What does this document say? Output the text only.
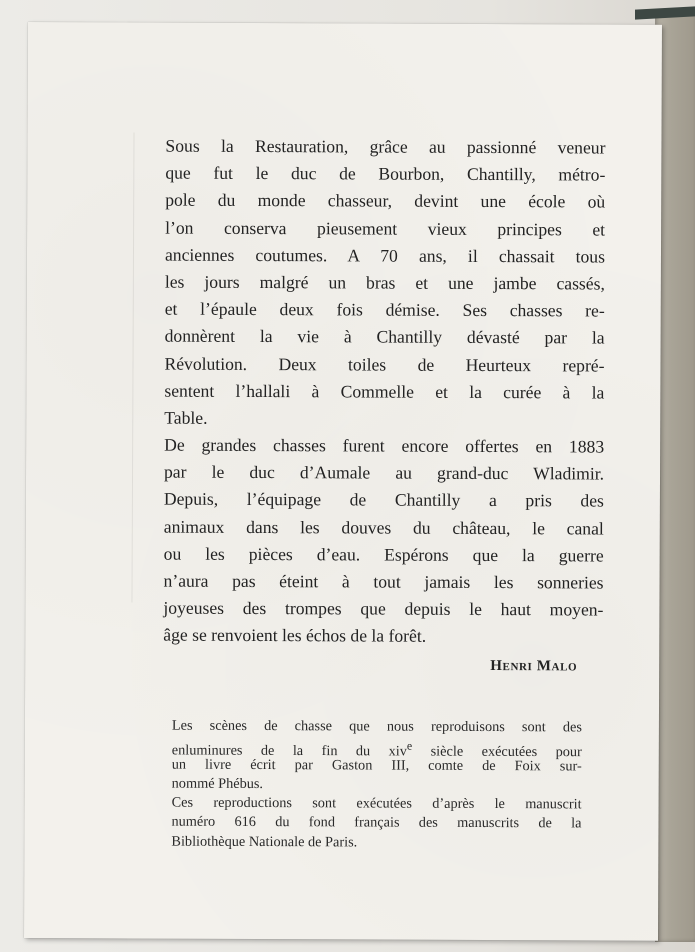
Sous la Restauration, grâce au passionné veneur
que fut le duc de Bourbon, Chantilly, métro-
pole du monde chasseur, devint une école où
l’on conserva pieusement vieux principes et
anciennes coutumes. A 70 ans, il chassait tous
les jours malgré un bras et une jambe cassés,
et l’épaule deux fois démise. Ses chasses re-
donnèrent la vie à Chantilly dévasté par la
Révolution. Deux toiles de Heurteux repré-
sentent l’hallali à Commelle et la curée à la
Table.
De grandes chasses furent encore offertes en 1883
par le duc d’Aumale au grand-duc Wladimir.
Depuis, l’équipage de Chantilly a pris des
animaux dans les douves du château, le canal
ou les pièces d’eau. Espérons que la guerre
n’aura pas éteint à tout jamais les sonneries
joyeuses des trompes que depuis le haut moyen-
âge se renvoient les échos de la forêt.
Henri Malo
Les scènes de chasse que nous reproduisons sont des
enluminures de la fin du xiv$^e$ siècle exécutées pour
un livre écrit par Gaston III, comte de Foix sur-
nommé Phébus.
Ces reproductions sont exécutées d’après le manuscrit
numéro 616 du fond français des manuscrits de la
Bibliothèque Nationale de Paris.
